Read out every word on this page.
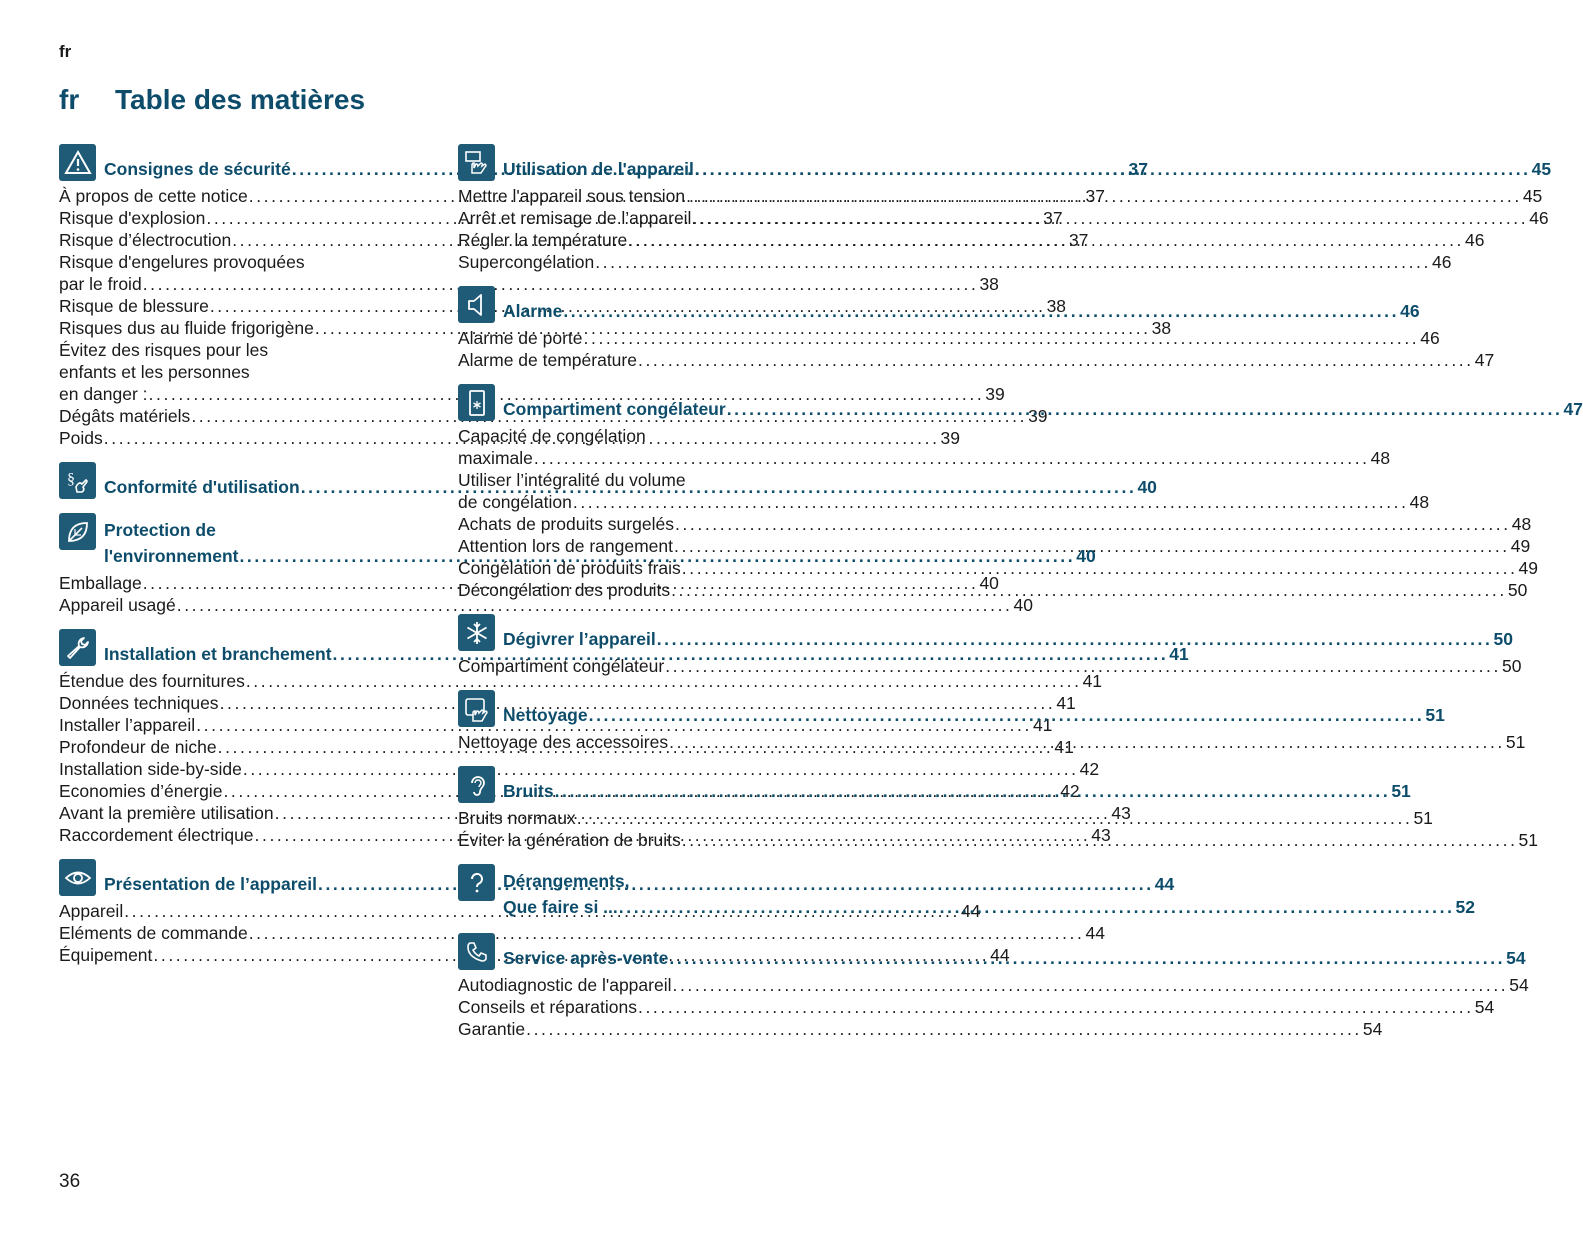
fr
fr Table des matières
Consignes de sécurité .....	37
À propos de cette notice .....	37
Risque d'explosion .....	37
Risque d’électrocution .....	37
Risque d'engelures provoquées
par le froid .....	38
Risque de blessure .....	38
Risques dus au fluide frigorigène .....	38
Évitez des risques pour les
enfants et les personnes
en danger : .....	39
Dégâts matériels .....	39
Poids .....	39
§ Conformité d'utilisation .....	40
Protection de
l'environnement .....	40
Emballage .....	40
Appareil usagé .....	40
Installation et branchement .....	41
Étendue des fournitures .....	41
Données techniques .....	41
Installer l’appareil .....	41
Profondeur de niche .....	41
Installation side-by-side .....	42
Economies d’énergie .....	42
Avant la première utilisation .....	43
Raccordement électrique .....	43
Présentation de l’appareil .....	44
Appareil .....	44
Eléments de commande .....	44
Équipement .....	44
Utilisation de l'appareil .....	45
Mettre l'appareil sous tension .....	45
Arrêt et remisage de l’appareil .....	46
Régler la température .....	46
Supercongélation .....	46
Alarme .....	46
Alarme de porte .....	46
Alarme de température .....	47
Compartiment congélateur .....	47
Capacité de congélation
maximale .....	48
Utiliser l’intégralité du volume
de congélation .....	48
Achats de produits surgelés .....	48
Attention lors de rangement .....	49
Congélation de produits frais .....	49
Décongélation des produits .....	50
Dégivrer l’appareil .....	50
Compartiment congélateur .....	50
Nettoyage .....	51
Nettoyage des accessoires .....	51
Bruits .....	51
Bruits normaux .....	51
Éviter la génération de bruits .....	51
Dérangements,
Que faire si ... .....	52
Service après-vente .....	54
Autodiagnostic de l'appareil .....	54
Conseils et réparations .....	54
Garantie .....	54
36
